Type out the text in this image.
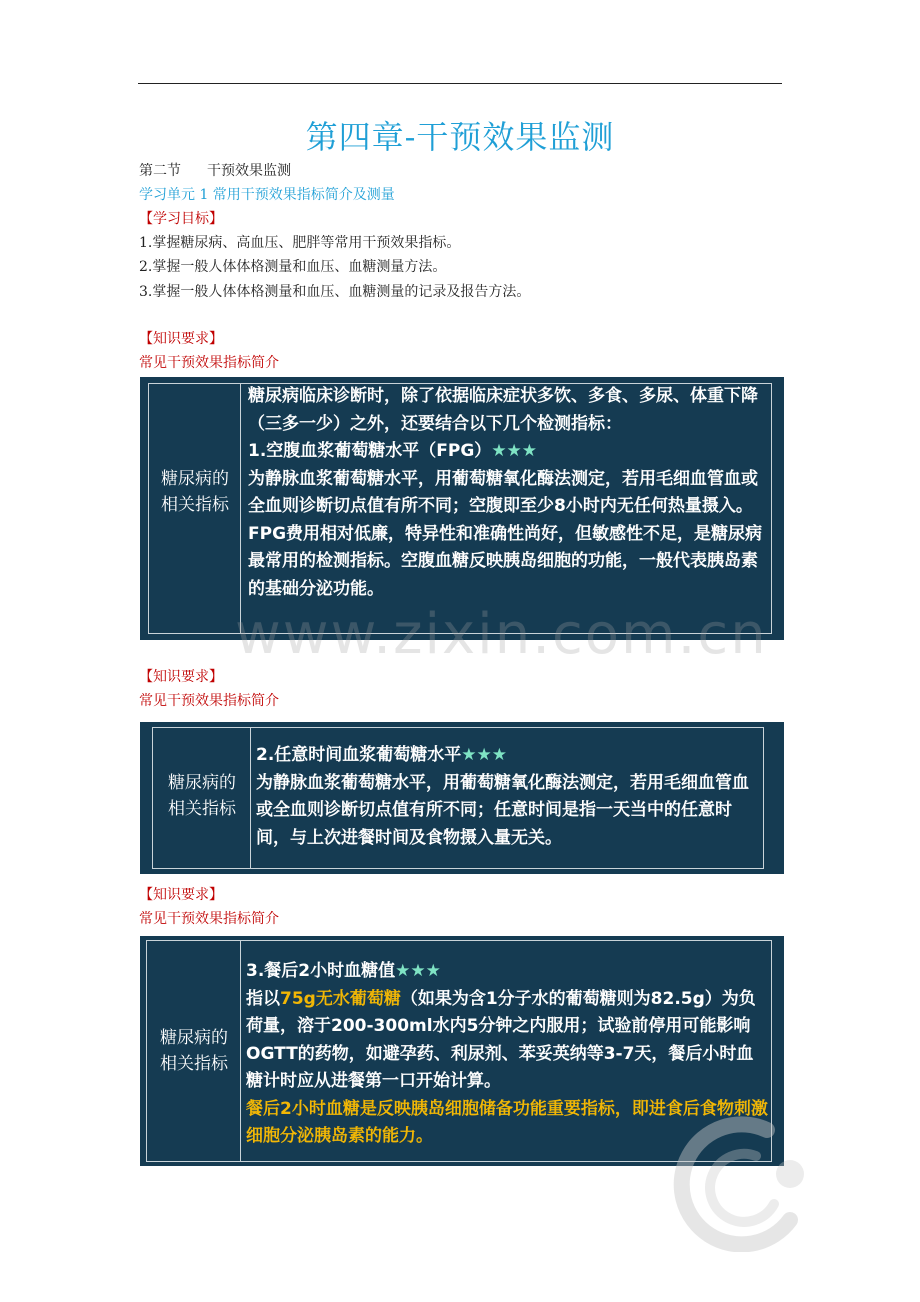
第四章-干预效果监测
第二节 干预效果监测
学习单元 1 常用干预效果指标简介及测量
【学习目标】
1.掌握糖尿病、高血压、肥胖等常用干预效果指标。
2.掌握一般人体体格测量和血压、血糖测量方法。
3.掌握一般人体体格测量和血压、血糖测量的记录及报告方法。
【知识要求】
常见干预效果指标简介
糖尿病的
相关指标

糖尿病临床诊断时，除了依据临床症状多饮、多食、多尿、体重下降（三多一少）之外，还要结合以下几个检测指标：

1.空腹血浆葡萄糖水平（FPG）★★★

为静脉血浆葡萄糖水平，用葡萄糖氧化酶法测定，若用毛细血管血或全血则诊断切点值有所不同；空腹即至少8小时内无任何热量摄入。

FPG费用相对低廉，特异性和准确性尚好，但敏感性不足，是糖尿病最常用的检测指标。空腹血糖反映胰岛细胞的功能，一般代表胰岛素的基础分泌功能。

www.zixin.com.cn
【知识要求】
常见干预效果指标简介
糖尿病的
相关指标

2.任意时间血浆葡萄糖水平★★★

为静脉血浆葡萄糖水平，用葡萄糖氧化酶法测定，若用毛细血管血或全血则诊断切点值有所不同；任意时间是指一天当中的任意时间，与上次进餐时间及食物摄入量无关。

【知识要求】
常见干预效果指标简介
糖尿病的
相关指标

3.餐后2小时血糖值★★★

指以75g无水葡萄糖（如果为含1分子水的葡萄糖则为82.5g）为负荷量，溶于200-300ml水内5分钟之内服用；试验前停用可能影响OGTT的药物，如避孕药、利尿剂、苯妥英纳等3-7天，餐后小时血糖计时应从进餐第一口开始计算。

餐后2小时血糖是反映胰岛细胞储备功能重要指标，即进食后食物刺激细胞分泌胰岛素的能力。
